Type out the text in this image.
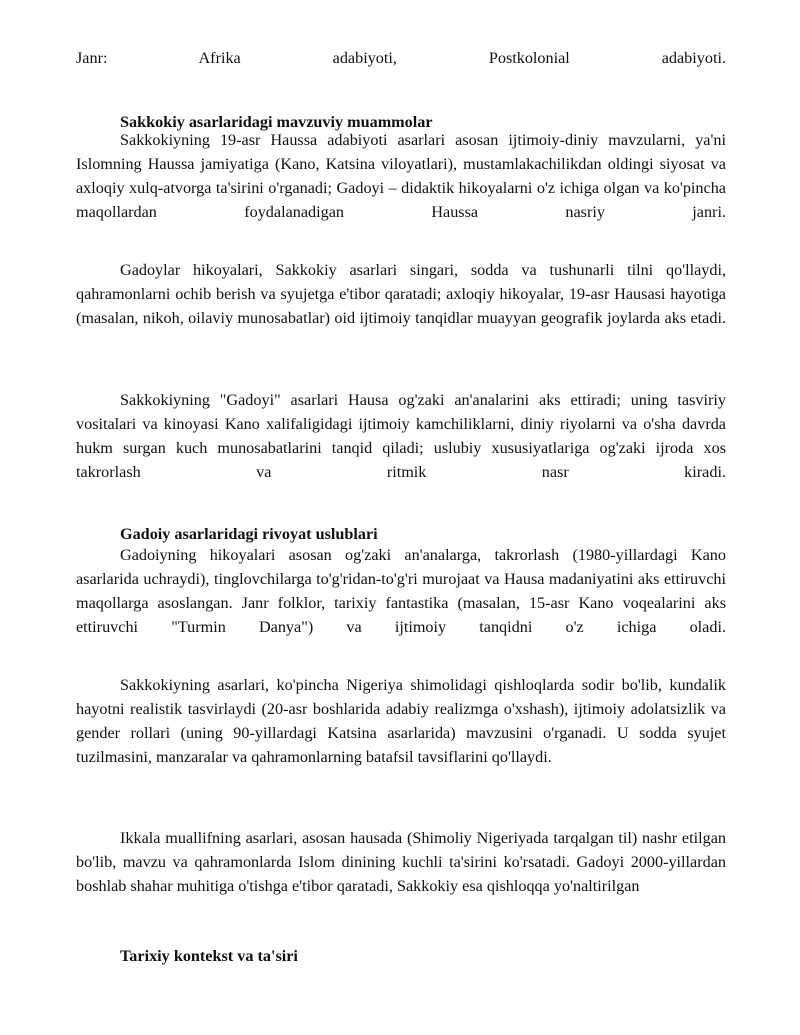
Janr: Afrika adabiyoti, Postkolonial adabiyoti.
Sakkokiy asarlaridagi mavzuviy muammolar

Sakkokiyning 19-asr Haussa adabiyoti asarlari asosan ijtimoiy-diniy mavzularni, ya'ni Islomning Haussa jamiyatiga (Kano, Katsina viloyatlari), mustamlakachilikdan oldingi siyosat va axloqiy xulq-atvorga ta'sirini o'rganadi; Gadoyi – didaktik hikoyalarni o'z ichiga olgan va ko'pincha maqollardan foydalanadigan Haussa nasriy janri.

Gadoylar hikoyalari, Sakkokiy asarlari singari, sodda va tushunarli tilni qo'llaydi, qahramonlarni ochib berish va syujetga e'tibor qaratadi; axloqiy hikoyalar, 19-asr Hausasi hayotiga (masalan, nikoh, oilaviy munosabatlar) oid ijtimoiy tanqidlar muayyan geografik joylarda aks etadi.

Sakkokiyning "Gadoyi" asarlari Hausa og'zaki an'analarini aks ettiradi; uning tasviriy vositalari va kinoyasi Kano xalifaligidagi ijtimoiy kamchiliklarni, diniy riyolarni va o'sha davrda hukm surgan kuch munosabatlarini tanqid qiladi; uslubiy xususiyatlariga og'zaki ijroda xos takrorlash va ritmik nasr kiradi.

Gadoiy asarlaridagi rivoyat uslublari

Gadoiyning hikoyalari asosan og'zaki an'analarga, takrorlash (1980-yillardagi Kano asarlarida uchraydi), tinglovchilarga to'g'ridan-to'g'ri murojaat va Hausa madaniyatini aks ettiruvchi maqollarga asoslangan. Janr folklor, tarixiy fantastika (masalan, 15-asr Kano voqealarini aks ettiruvchi "Turmin Danya") va ijtimoiy tanqidni o'z ichiga oladi.

Sakkokiyning asarlari, ko'pincha Nigeriya shimolidagi qishloqlarda sodir bo'lib, kundalik hayotni realistik tasvirlaydi (20-asr boshlarida adabiy realizmga o'xshash), ijtimoiy adolatsizlik va gender rollari (uning 90-yillardagi Katsina asarlarida) mavzusini o'rganadi. U sodda syujet tuzilmasini, manzaralar va qahramonlarning batafsil tavsiflarini qo'llaydi.

Ikkala muallifning asarlari, asosan hausada (Shimoliy Nigeriyada tarqalgan til) nashr etilgan bo'lib, mavzu va qahramonlarda Islom dinining kuchli ta'sirini ko'rsatadi. Gadoyi 2000-yillardan boshlab shahar muhitiga o'tishga e'tibor qaratadi, Sakkokiy esa qishloqqa yo'naltirilgan

Tarixiy kontekst va ta'siri
